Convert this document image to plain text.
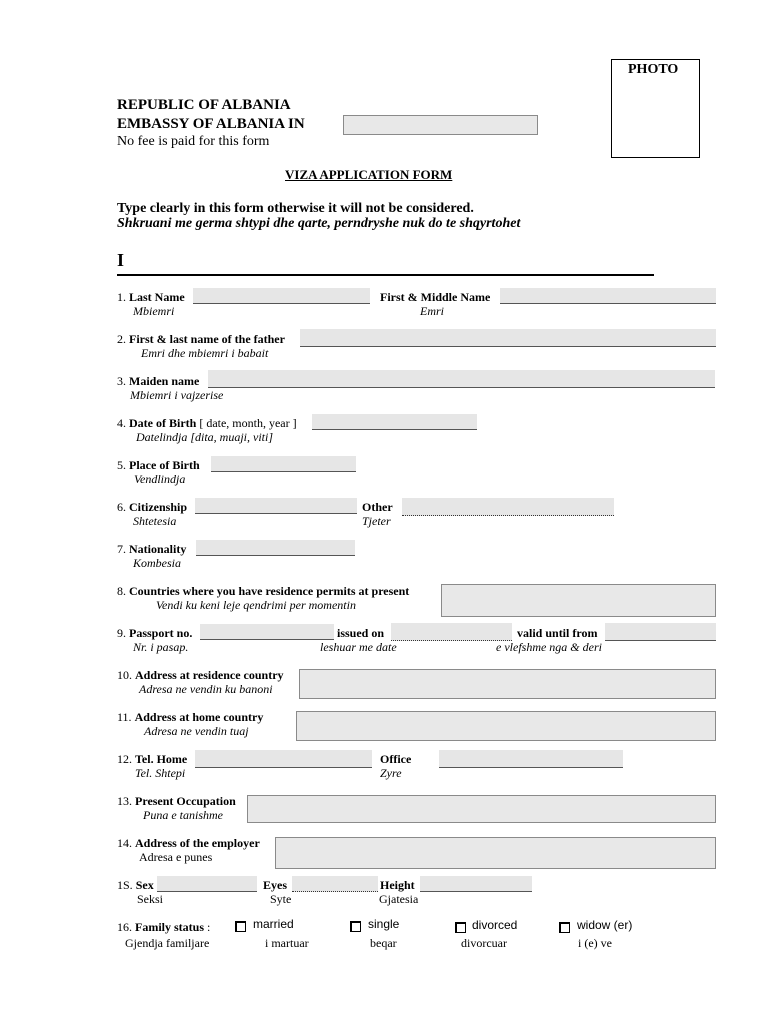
PHOTO
REPUBLIC OF ALBANIA
EMBASSY OF ALBANIA IN
No fee is paid for this form
VIZA APPLICATION FORM
Type clearly in this form otherwise it will not be considered.
Shkruani me germa shtypi dhe qarte, perndryshe nuk do te shqyrtohet
I
1. Last Name
Mbiemri
First & Middle Name
Emri
2. First & last name of the father
Emri dhe mbiemri i babait
3. Maiden name
Mbiemri i vajzerise
4. Date of Birth [ date, month, year ]
Datelindja [dita, muaji, viti]
5. Place of Birth
Vendlindja
6. Citizenship
Shtetesia
Other
Tjeter
7. Nationality
Kombesia
8. Countries where you have residence permits at present
Vendi ku keni leje qendrimi per momentin
9. Passport no.
Nr. i pasap.
issued on
leshuar me date
valid until from
e vlefshme nga & deri
10. Address at residence country
Adresa ne vendin ku banoni
11. Address at home country
Adresa ne vendin tuaj
12. Tel. Home
Tel. Shtepi
Office
Zyre
13. Present Occupation
Puna e tanishme
14. Address of the employer
Adresa e punes
1S. Sex
Seksi
Eyes
Syte
Height
Gjatesia
16. Family status :
Gjendja familjare
married
i martuar
single
beqar
divorced
divorcuar
widow (er)
i (e) ve
